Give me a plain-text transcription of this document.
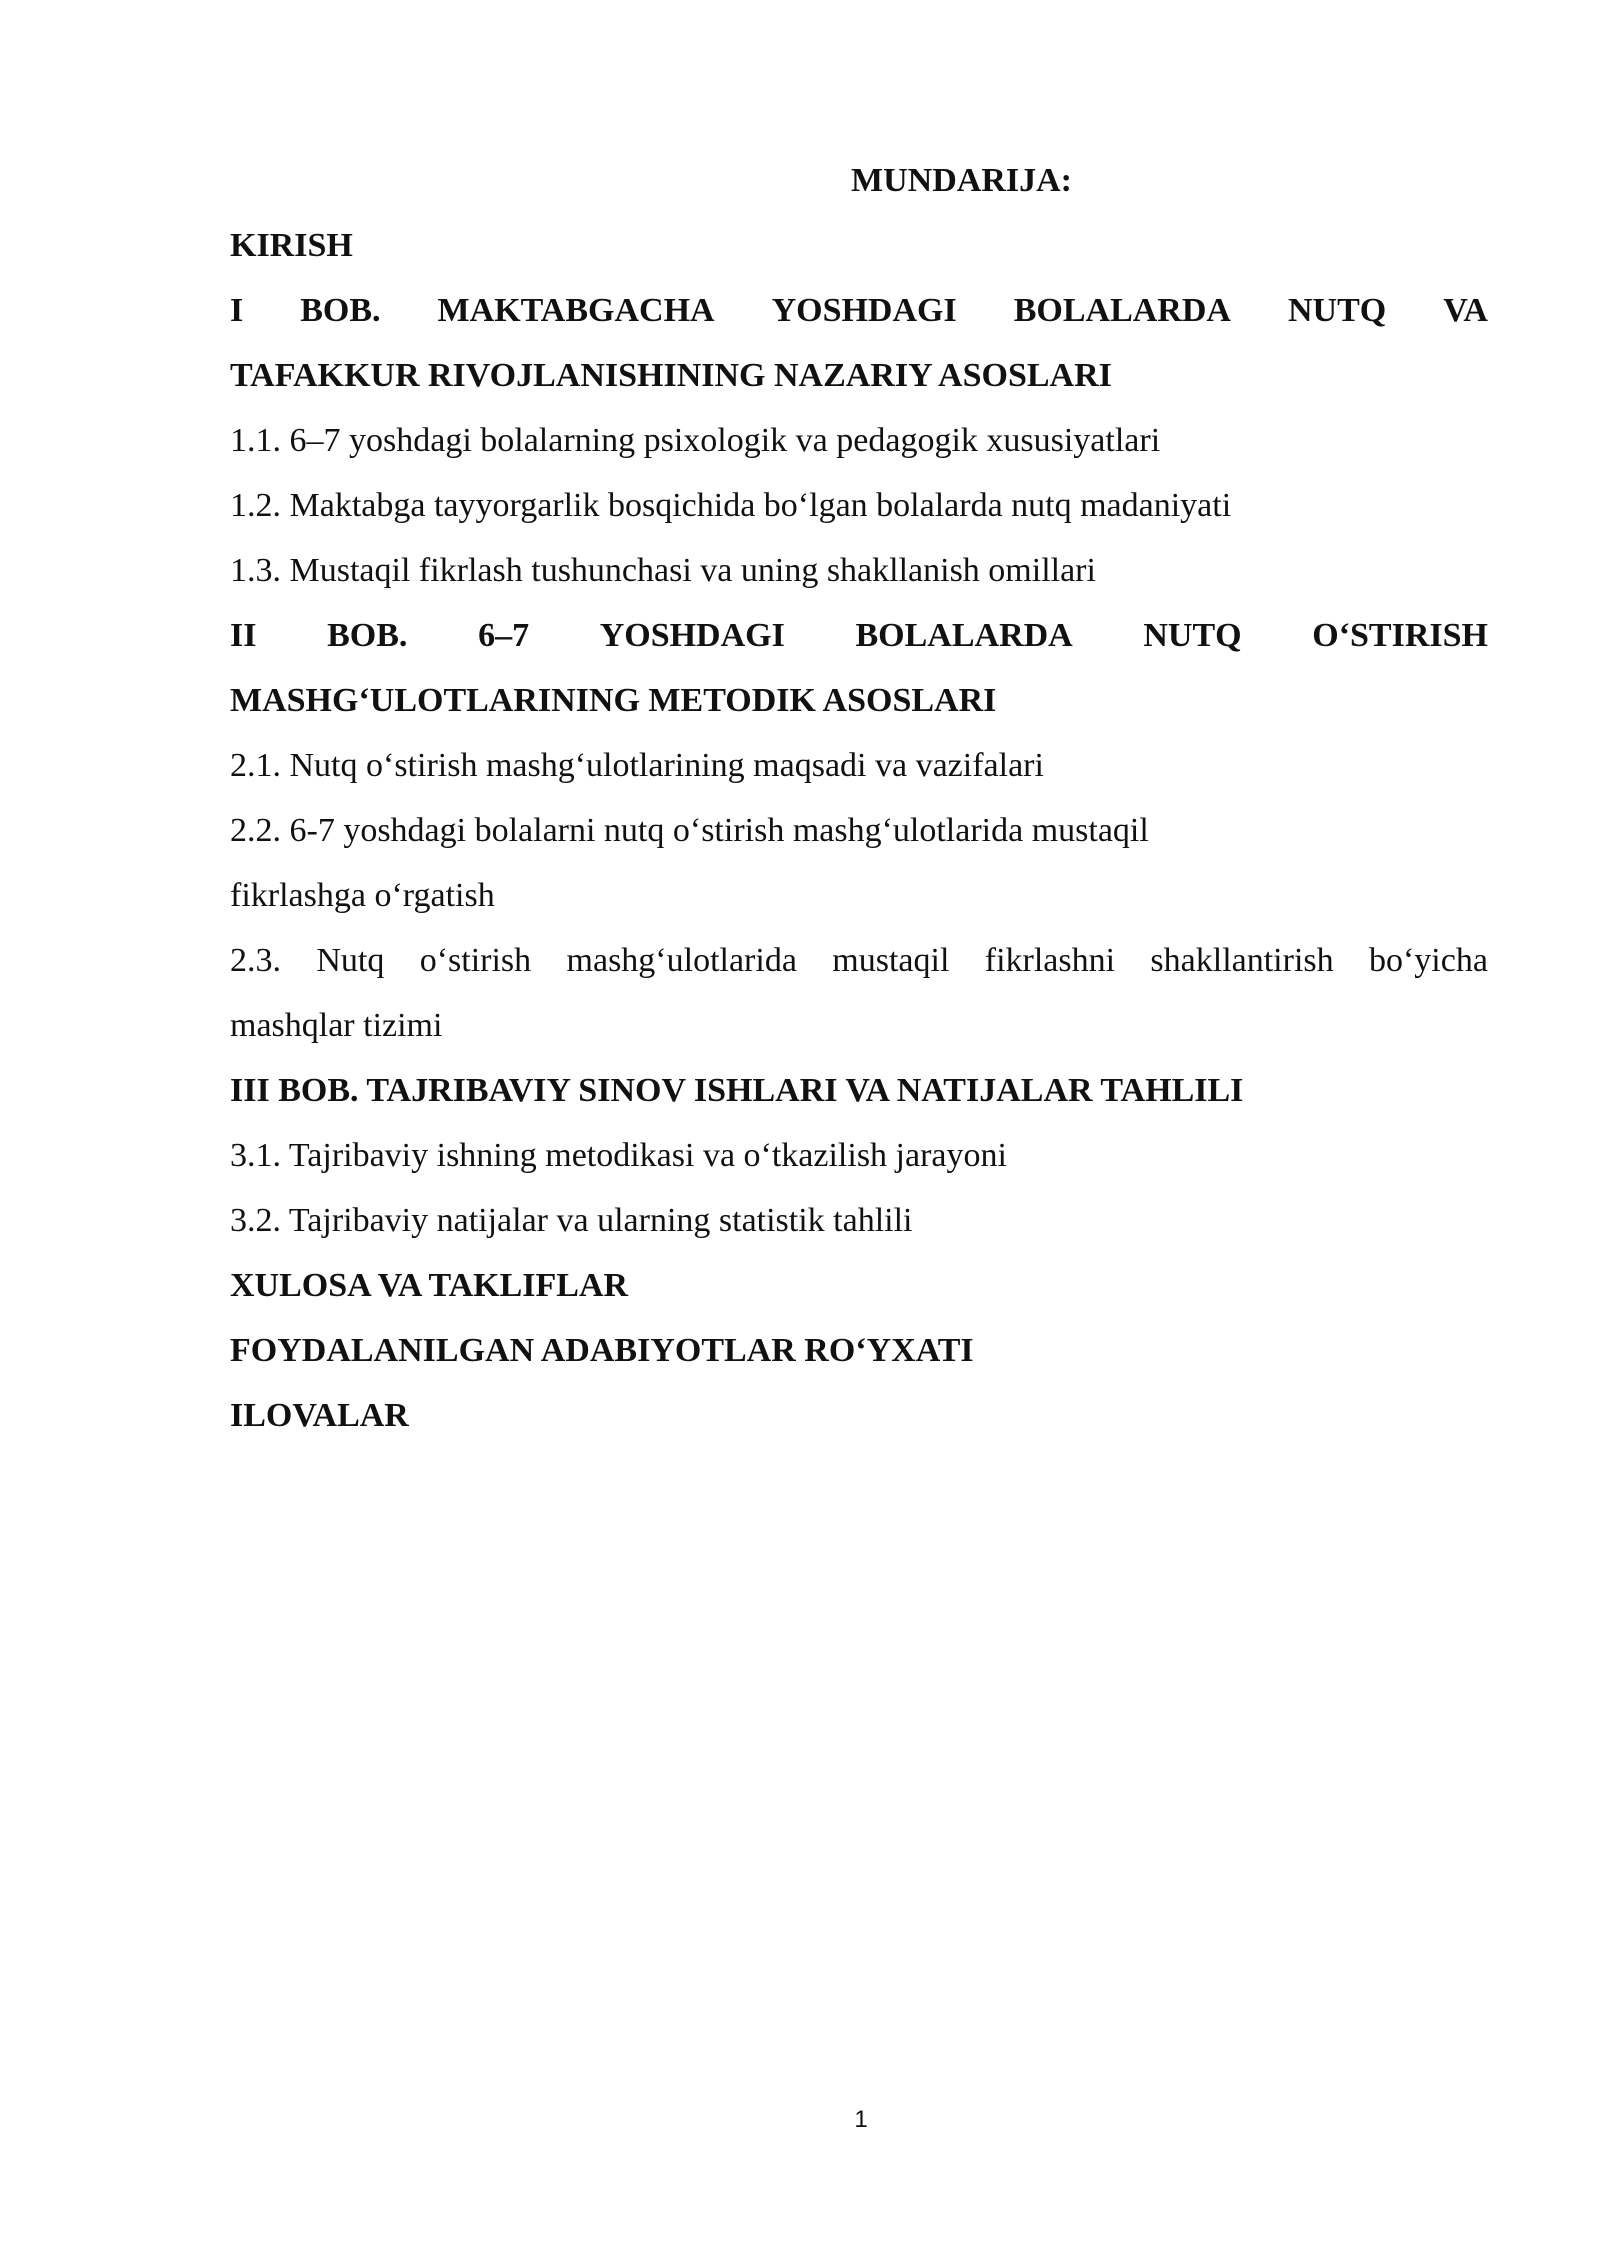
MUNDARIJA:
KIRISH
I BOB. MAKTABGACHA YOSHDAGI BOLALARDA NUTQ VA
TAFAKKUR RIVOJLANISHINING NAZARIY ASOSLARI
1.1. 6–7 yoshdagi bolalarning psixologik va pedagogik xususiyatlari
1.2. Maktabga tayyorgarlik bosqichida bo‘lgan bolalarda nutq madaniyati
1.3. Mustaqil fikrlash tushunchasi va uning shakllanish omillari
II BOB. 6–7 YOSHDAGI BOLALARDA NUTQ O‘STIRISH
MASHG‘ULOTLARINING METODIK ASOSLARI
2.1. Nutq o‘stirish mashg‘ulotlarining maqsadi va vazifalari
2.2. 6-7 yoshdagi bolalarni nutq o‘stirish mashg‘ulotlarida mustaqil
fikrlashga o‘rgatish
2.3. Nutq o‘stirish mashg‘ulotlarida mustaqil fikrlashni shakllantirish bo‘yicha
mashqlar tizimi
III BOB. TAJRIBAVIY SINOV ISHLARI VA NATIJALAR TAHLILI
3.1. Tajribaviy ishning metodikasi va o‘tkazilish jarayoni
3.2. Tajribaviy natijalar va ularning statistik tahlili
XULOSA VA TAKLIFLAR
FOYDALANILGAN ADABIYOTLAR RO‘YXATI
ILOVALAR
1
